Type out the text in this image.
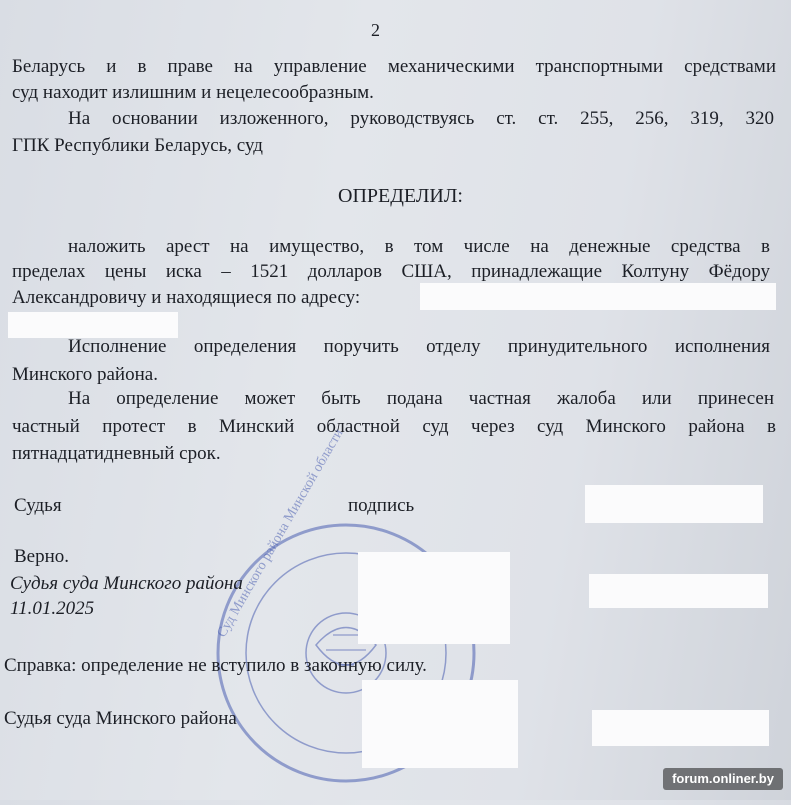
2
Беларусь и в праве на управление механическими транспортными средствами
суд находит излишним и нецелесообразным.
На основании изложенного, руководствуясь ст. ст. 255, 256, 319, 320
ГПК Республики Беларусь, суд
ОПРЕДЕЛИЛ:
наложить арест на имущество, в том числе на денежные средства в
пределах цены иска – 1521 долларов США, принадлежащие Колтуну Фёдору
Александровичу и находящиеся по адресу:
Исполнение определения поручить отделу принудительного исполнения
Минского района.
На определение может быть подана частная жалоба или принесен
частный протест в Минский областной суд через суд Минского района в
пятнадцатидневный срок.
Судья	подпись
Суд Минского района Минской области
Верно.
Судья суда Минского района
11.01.2025
Справка: определение не вступило в законную силу.
Судья суда Минского района
forum.onliner.by
